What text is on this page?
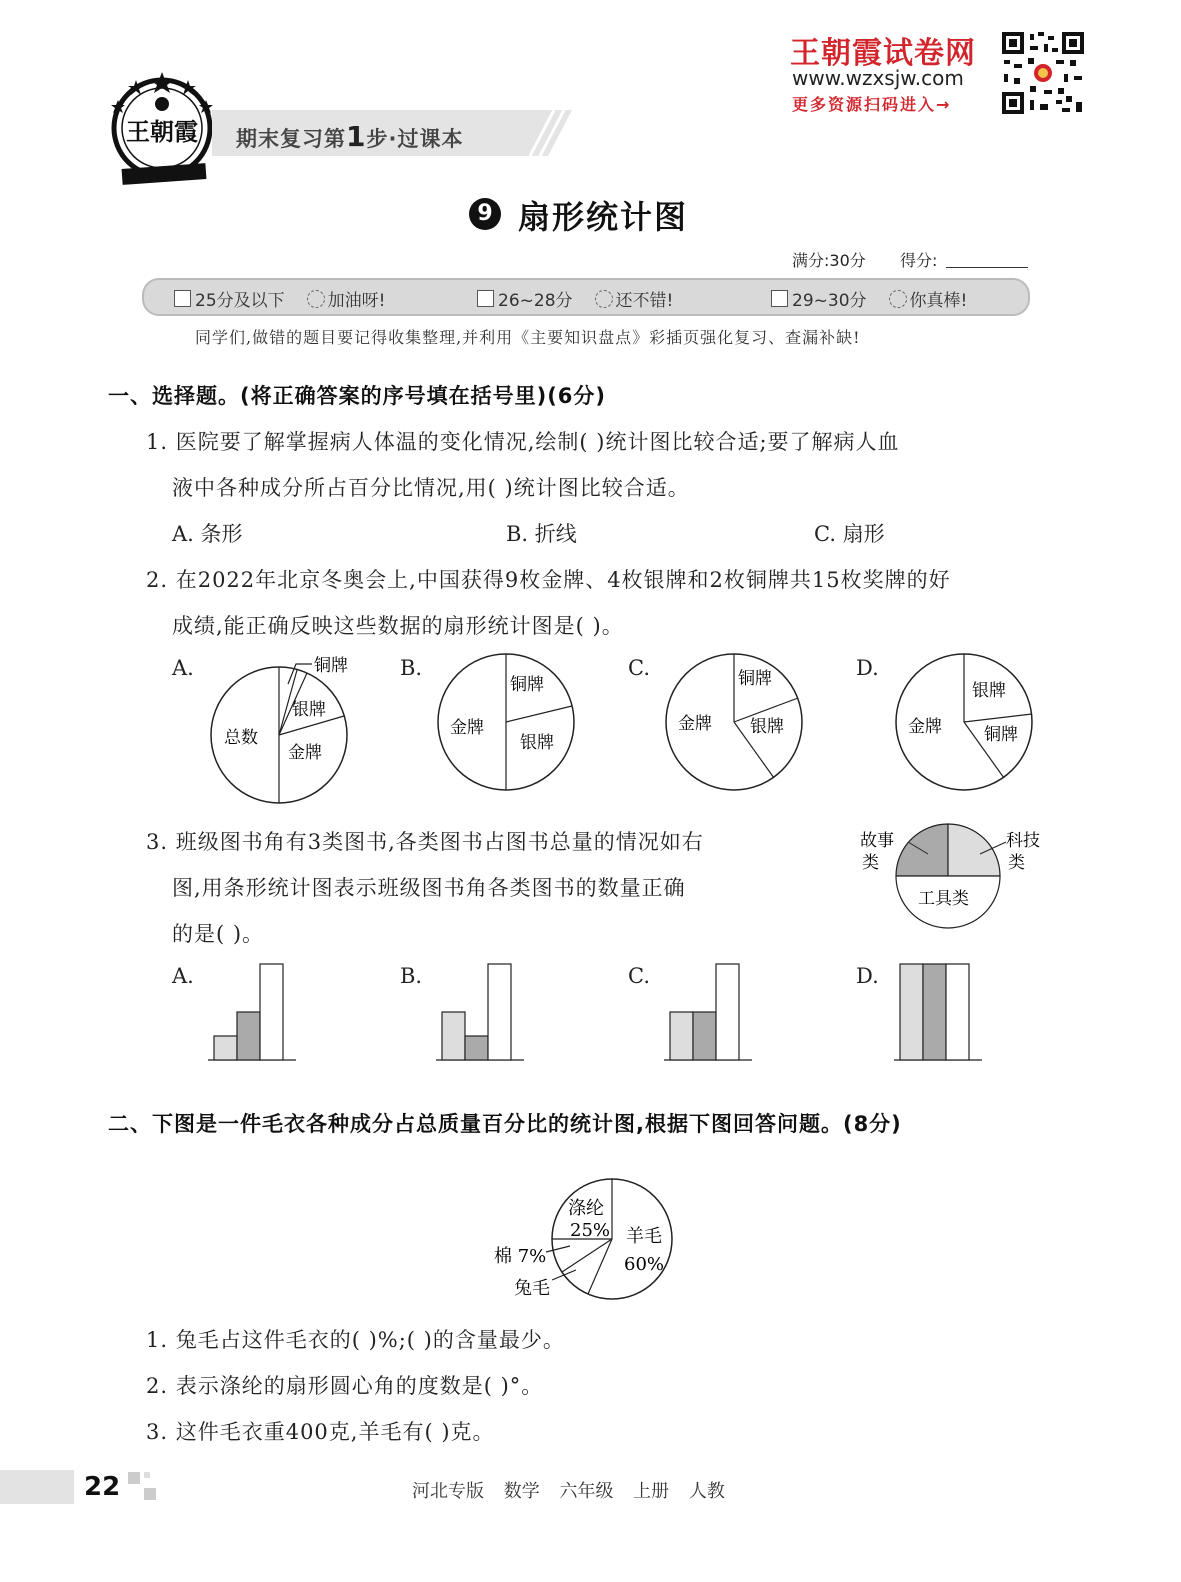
王朝霞试卷网
www.wzxsjw.com
更多资源扫码进入→
王朝霞 期末复习第1步·过课本
9 扇形统计图
满分:30分 得分:
25分及以下	加油呀!	26~28分	还不错!	29~30分	你真棒!
同学们,做错的题目要记得收集整理,并利用《主要知识盘点》彩插页强化复习、查漏补缺!
一、选择题。(将正确答案的序号填在括号里)(6分)
1. 医院要了解掌握病人体温的变化情况,绘制( )统计图比较合适;要了解病人血
液中各种成分所占百分比情况,用( )统计图比较合适。
A. 条形	B. 折线	C. 扇形
2. 在2022年北京冬奥会上,中国获得9枚金牌、4枚银牌和2枚铜牌共15枚奖牌的好
成绩,能正确反映这些数据的扇形统计图是( )。
A.	B.	C.	D.
总数
银牌
金牌
铜牌
金牌
铜牌
银牌
金牌
铜牌
银牌	金牌
银牌
铜牌
3. 班级图书角有3类图书,各类图书占图书总量的情况如右
图,用条形统计图表示班级图书角各类图书的数量正确
的是( )。
故事
类
科技
类
工具类
A.	B.	C.	D.
二、下图是一件毛衣各种成分占总质量百分比的统计图,根据下图回答问题。(8分)
涤纶
25% 羊毛
60%
棉 7%
兔毛
1. 兔毛占这件毛衣的( )%;( )的含量最少。
2. 表示涤纶的扇形圆心角的度数是( )°。
3. 这件毛衣重400克,羊毛有( )克。
22	河北专版 数学 六年级 上册 人教
